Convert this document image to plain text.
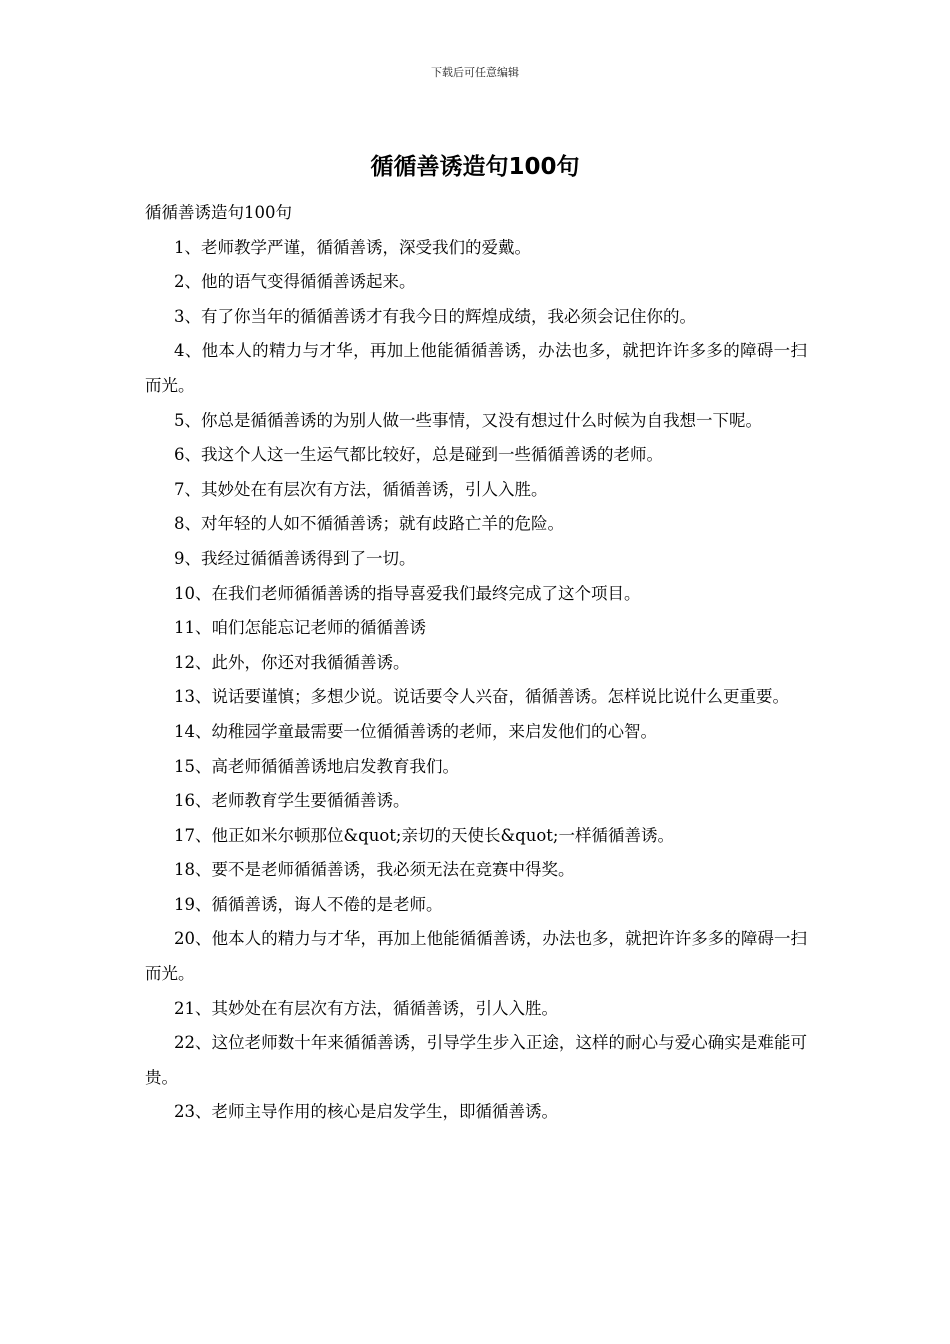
下载后可任意编辑
循循善诱造句100句

循循善诱造句100句

1、老师教学严谨，循循善诱，深受我们的爱戴。

2、他的语气变得循循善诱起来。

3、有了你当年的循循善诱才有我今日的辉煌成绩，我必须会记住你的。

4、他本人的精力与才华，再加上他能循循善诱，办法也多，就把许许多多的障碍一扫而光。

5、你总是循循善诱的为别人做一些事情，又没有想过什么时候为自我想一下呢。

6、我这个人这一生运气都比较好，总是碰到一些循循善诱的老师。

7、其妙处在有层次有方法，循循善诱，引人入胜。

8、对年轻的人如不循循善诱；就有歧路亡羊的危险。

9、我经过循循善诱得到了一切。

10、在我们老师循循善诱的指导喜爱我们最终完成了这个项目。

11、咱们怎能忘记老师的循循善诱

12、此外，你还对我循循善诱。

13、说话要谨慎；多想少说。说话要令人兴奋，循循善诱。怎样说比说什么更重要。

14、幼稚园学童最需要一位循循善诱的老师，来启发他们的心智。

15、高老师循循善诱地启发教育我们。

16、老师教育学生要循循善诱。

17、他正如米尔顿那位&quot;亲切的天使长&quot;一样循循善诱。

18、要不是老师循循善诱，我必须无法在竞赛中得奖。

19、循循善诱，诲人不倦的是老师。

20、他本人的精力与才华，再加上他能循循善诱，办法也多，就把许许多多的障碍一扫而光。

21、其妙处在有层次有方法，循循善诱，引人入胜。

22、这位老师数十年来循循善诱，引导学生步入正途，这样的耐心与爱心确实是难能可贵。

23、老师主导作用的核心是启发学生，即循循善诱。
